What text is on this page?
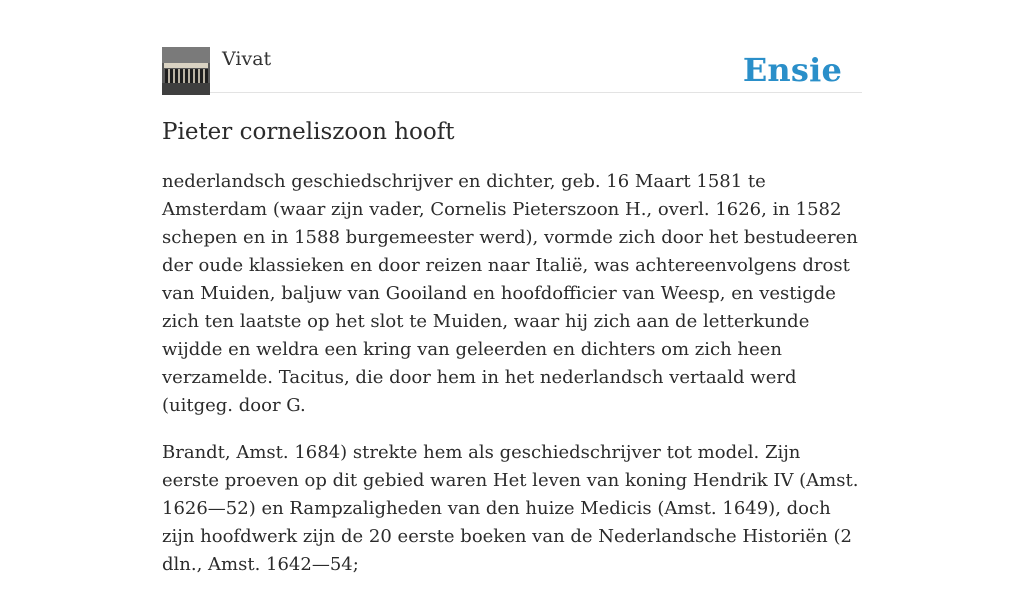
Vivat	Ensie
Pieter corneliszoon hooft

nederlandsch geschiedschrijver en dichter, geb. 16 Maart 1581 te Amsterdam (waar zijn vader, Cornelis Pieterszoon H., overl. 1626, in 1582 schepen en in 1588 burgemeester werd), vormde zich door het bestudeeren der oude klassieken en door reizen naar Italië, was achtereenvolgens drost van Muiden, baljuw van Gooiland en hoofdofficier van Weesp, en vestigde zich ten laatste op het slot te Muiden, waar hij zich aan de letterkunde wijdde en weldra een kring van geleerden en dichters om zich heen verzamelde. Tacitus, die door hem in het nederlandsch vertaald werd (uitgeg. door G.

Brandt, Amst. 1684) strekte hem als geschiedschrijver tot model. Zijn eerste proeven op dit gebied waren Het leven van koning Hendrik IV (Amst. 1626—52) en Rampzaligheden van den huize Medicis (Amst. 1649), doch zijn hoofdwerk zijn de 20 eerste boeken van de Nederlandsche Historiën (2 dln., Amst. 1642—54;
